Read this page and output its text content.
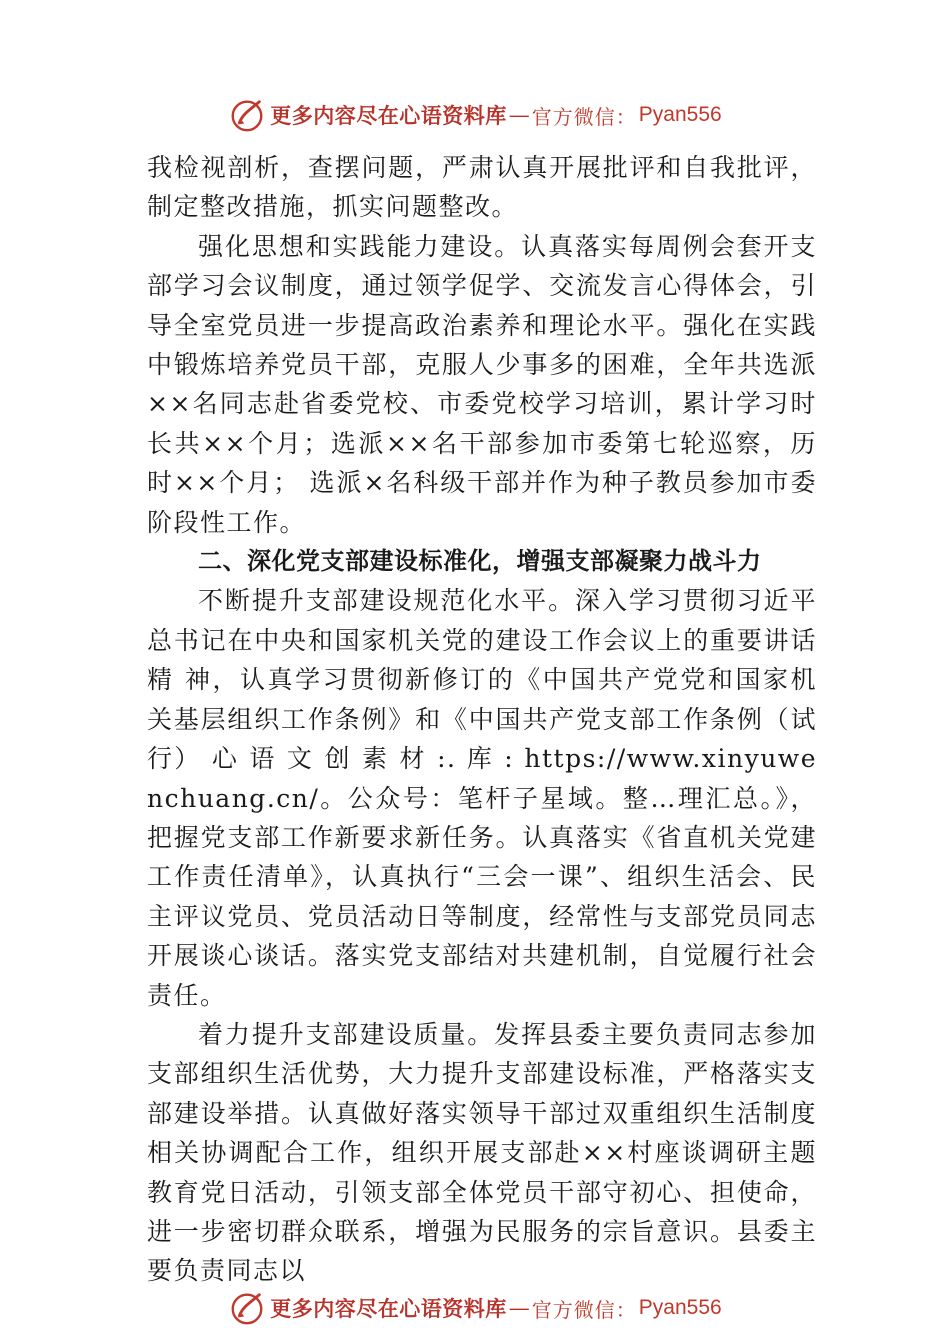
更多内容尽在心语资料库 — 官方微信： Pyan556

我检视剖析，查摆问题，严肃认真开展批评和自我批评，制定整改措施，抓实问题整改。

强化思想和实践能力建设。认真落实每周例会套开支部学习会议制度，通过领学促学、交流发言心得体会，引导全室党员进一步提高政治素养和理论水平。强化在实践中锻炼培养党员干部，克服人少事多的困难，全年共选派××名同志赴省委党校、市委党校学习培训，累计学习时长共××个月；选派××名干部参加市委第七轮巡察，历时××个月； 选派×名科级干部并作为种子教员参加市委阶段性工作。

二、深化党支部建设标准化，增强支部凝聚力战斗力

不断提升支部建设规范化水平。深入学习贯彻习近平总书记在中央和国家机关党的建设工作会议上的重要讲话精 神，认真学习贯彻新修订的《中国共产党党和国家机关基层组织工作条例》和《中国共产党支部工作条例（试行） 心 语 文 创 素 材 :. 库 : https://www.xinyuwenchuang.cn/。公众号：笔杆子星域。整…理汇总。》，把握党支部工作新要求新任务。认真落实《省直机关党建工作责任清单》，认真执行“三会一课”、组织生活会、民主评议党员、党员活动日等制度，经常性与支部党员同志开展谈心谈话。落实党支部结对共建机制，自觉履行社会责任。

着力提升支部建设质量。发挥县委主要负责同志参加支部组织生活优势，大力提升支部建设标准，严格落实支部建设举措。认真做好落实领导干部过双重组织生活制度相关协调配合工作，组织开展支部赴××村座谈调研主题教育党日活动，引领支部全体党员干部守初心、担使命，进一步密切群众联系，增强为民服务的宗旨意识。县委主要负责同志以

更多内容尽在心语资料库 — 官方微信： Pyan556
